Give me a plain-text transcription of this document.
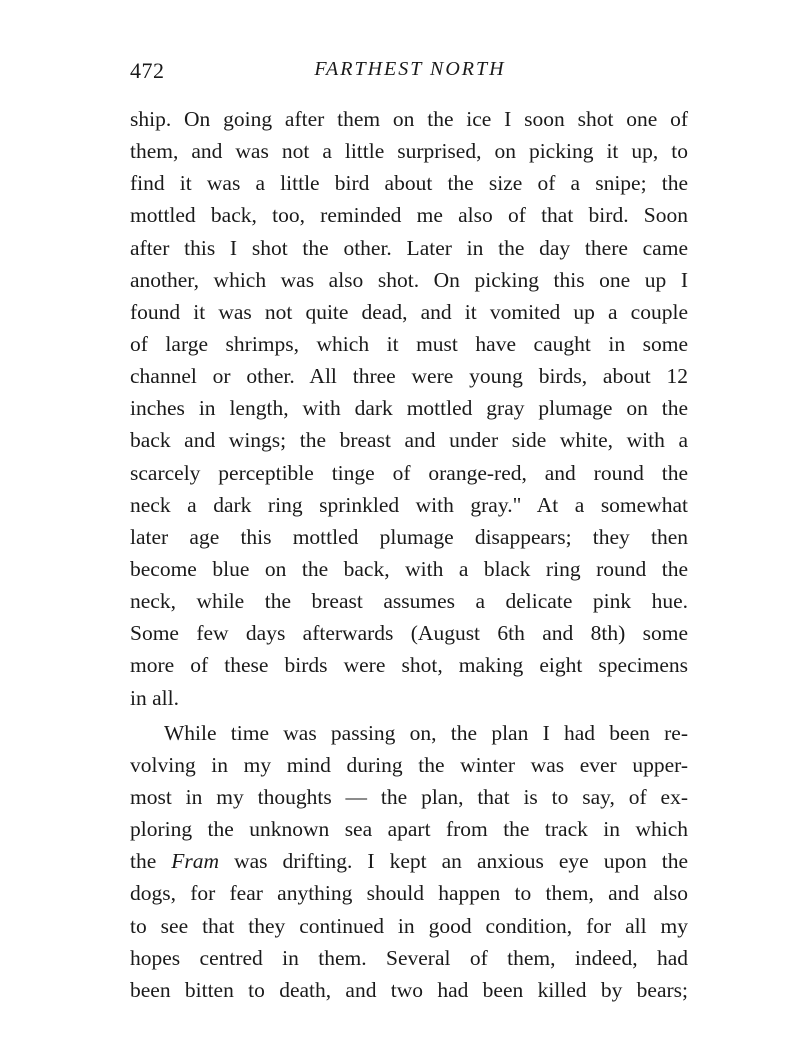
472	FARTHEST NORTH
ship. On going after them on the ice I soon shot one of
them, and was not a little surprised, on picking it up, to
find it was a little bird about the size of a snipe; the
mottled back, too, reminded me also of that bird. Soon
after this I shot the other. Later in the day there came
another, which was also shot. On picking this one up I
found it was not quite dead, and it vomited up a couple
of large shrimps, which it must have caught in some
channel or other. All three were young birds, about 12
inches in length, with dark mottled gray plumage on the
back and wings; the breast and under side white, with a
scarcely perceptible tinge of orange-red, and round the
neck a dark ring sprinkled with gray." At a somewhat
later age this mottled plumage disappears; they then
become blue on the back, with a black ring round the
neck, while the breast assumes a delicate pink hue.
Some few days afterwards (August 6th and 8th) some
more of these birds were shot, making eight specimens
in all.
While time was passing on, the plan I had been re-
volving in my mind during the winter was ever upper-
most in my thoughts — the plan, that is to say, of ex-
ploring the unknown sea apart from the track in which
the Fram was drifting. I kept an anxious eye upon the
dogs, for fear anything should happen to them, and also
to see that they continued in good condition, for all my
hopes centred in them. Several of them, indeed, had
been bitten to death, and two had been killed by bears;
